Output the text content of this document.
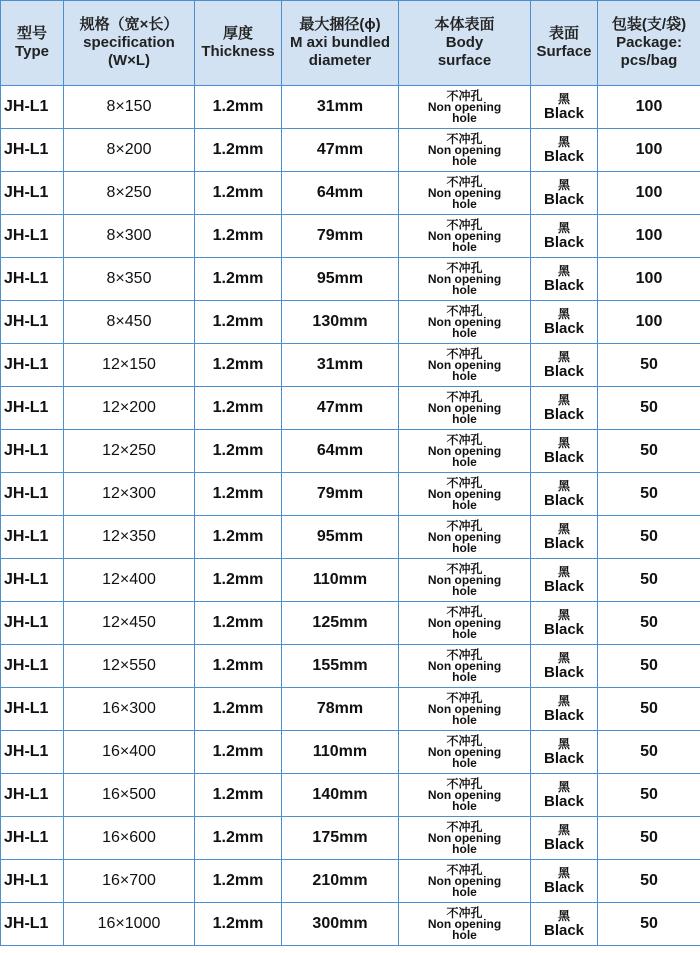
型号
Type	规格（宽×长）
specification
(W×L)	厚度
Thickness	最大捆径(ϕ)
M axi bundled
diameter	本体表面
Body
surface	表面
Surface	包装(支/袋)
Package:
pcs/bag

JH-L1	8×150	1.2mm	31mm	不冲孔
Non opening
hole	黑
Black	100
JH-L1	8×200	1.2mm	47mm	不冲孔
Non opening
hole	黑
Black	100
JH-L1	8×250	1.2mm	64mm	不冲孔
Non opening
hole	黑
Black	100
JH-L1	8×300	1.2mm	79mm	不冲孔
Non opening
hole	黑
Black	100
JH-L1	8×350	1.2mm	95mm	不冲孔
Non opening
hole	黑
Black	100
JH-L1	8×450	1.2mm	130mm	不冲孔
Non opening
hole	黑
Black	100
JH-L1	12×150	1.2mm	31mm	不冲孔
Non opening
hole	黑
Black	50
JH-L1	12×200	1.2mm	47mm	不冲孔
Non opening
hole	黑
Black	50
JH-L1	12×250	1.2mm	64mm	不冲孔
Non opening
hole	黑
Black	50
JH-L1	12×300	1.2mm	79mm	不冲孔
Non opening
hole	黑
Black	50
JH-L1	12×350	1.2mm	95mm	不冲孔
Non opening
hole	黑
Black	50
JH-L1	12×400	1.2mm	110mm	不冲孔
Non opening
hole	黑
Black	50
JH-L1	12×450	1.2mm	125mm	不冲孔
Non opening
hole	黑
Black	50
JH-L1	12×550	1.2mm	155mm	不冲孔
Non opening
hole	黑
Black	50
JH-L1	16×300	1.2mm	78mm	不冲孔
Non opening
hole	黑
Black	50
JH-L1	16×400	1.2mm	110mm	不冲孔
Non opening
hole	黑
Black	50
JH-L1	16×500	1.2mm	140mm	不冲孔
Non opening
hole	黑
Black	50
JH-L1	16×600	1.2mm	175mm	不冲孔
Non opening
hole	黑
Black	50
JH-L1	16×700	1.2mm	210mm	不冲孔
Non opening
hole	黑
Black	50
JH-L1	16×1000	1.2mm	300mm	不冲孔
Non opening
hole	黑
Black	50
